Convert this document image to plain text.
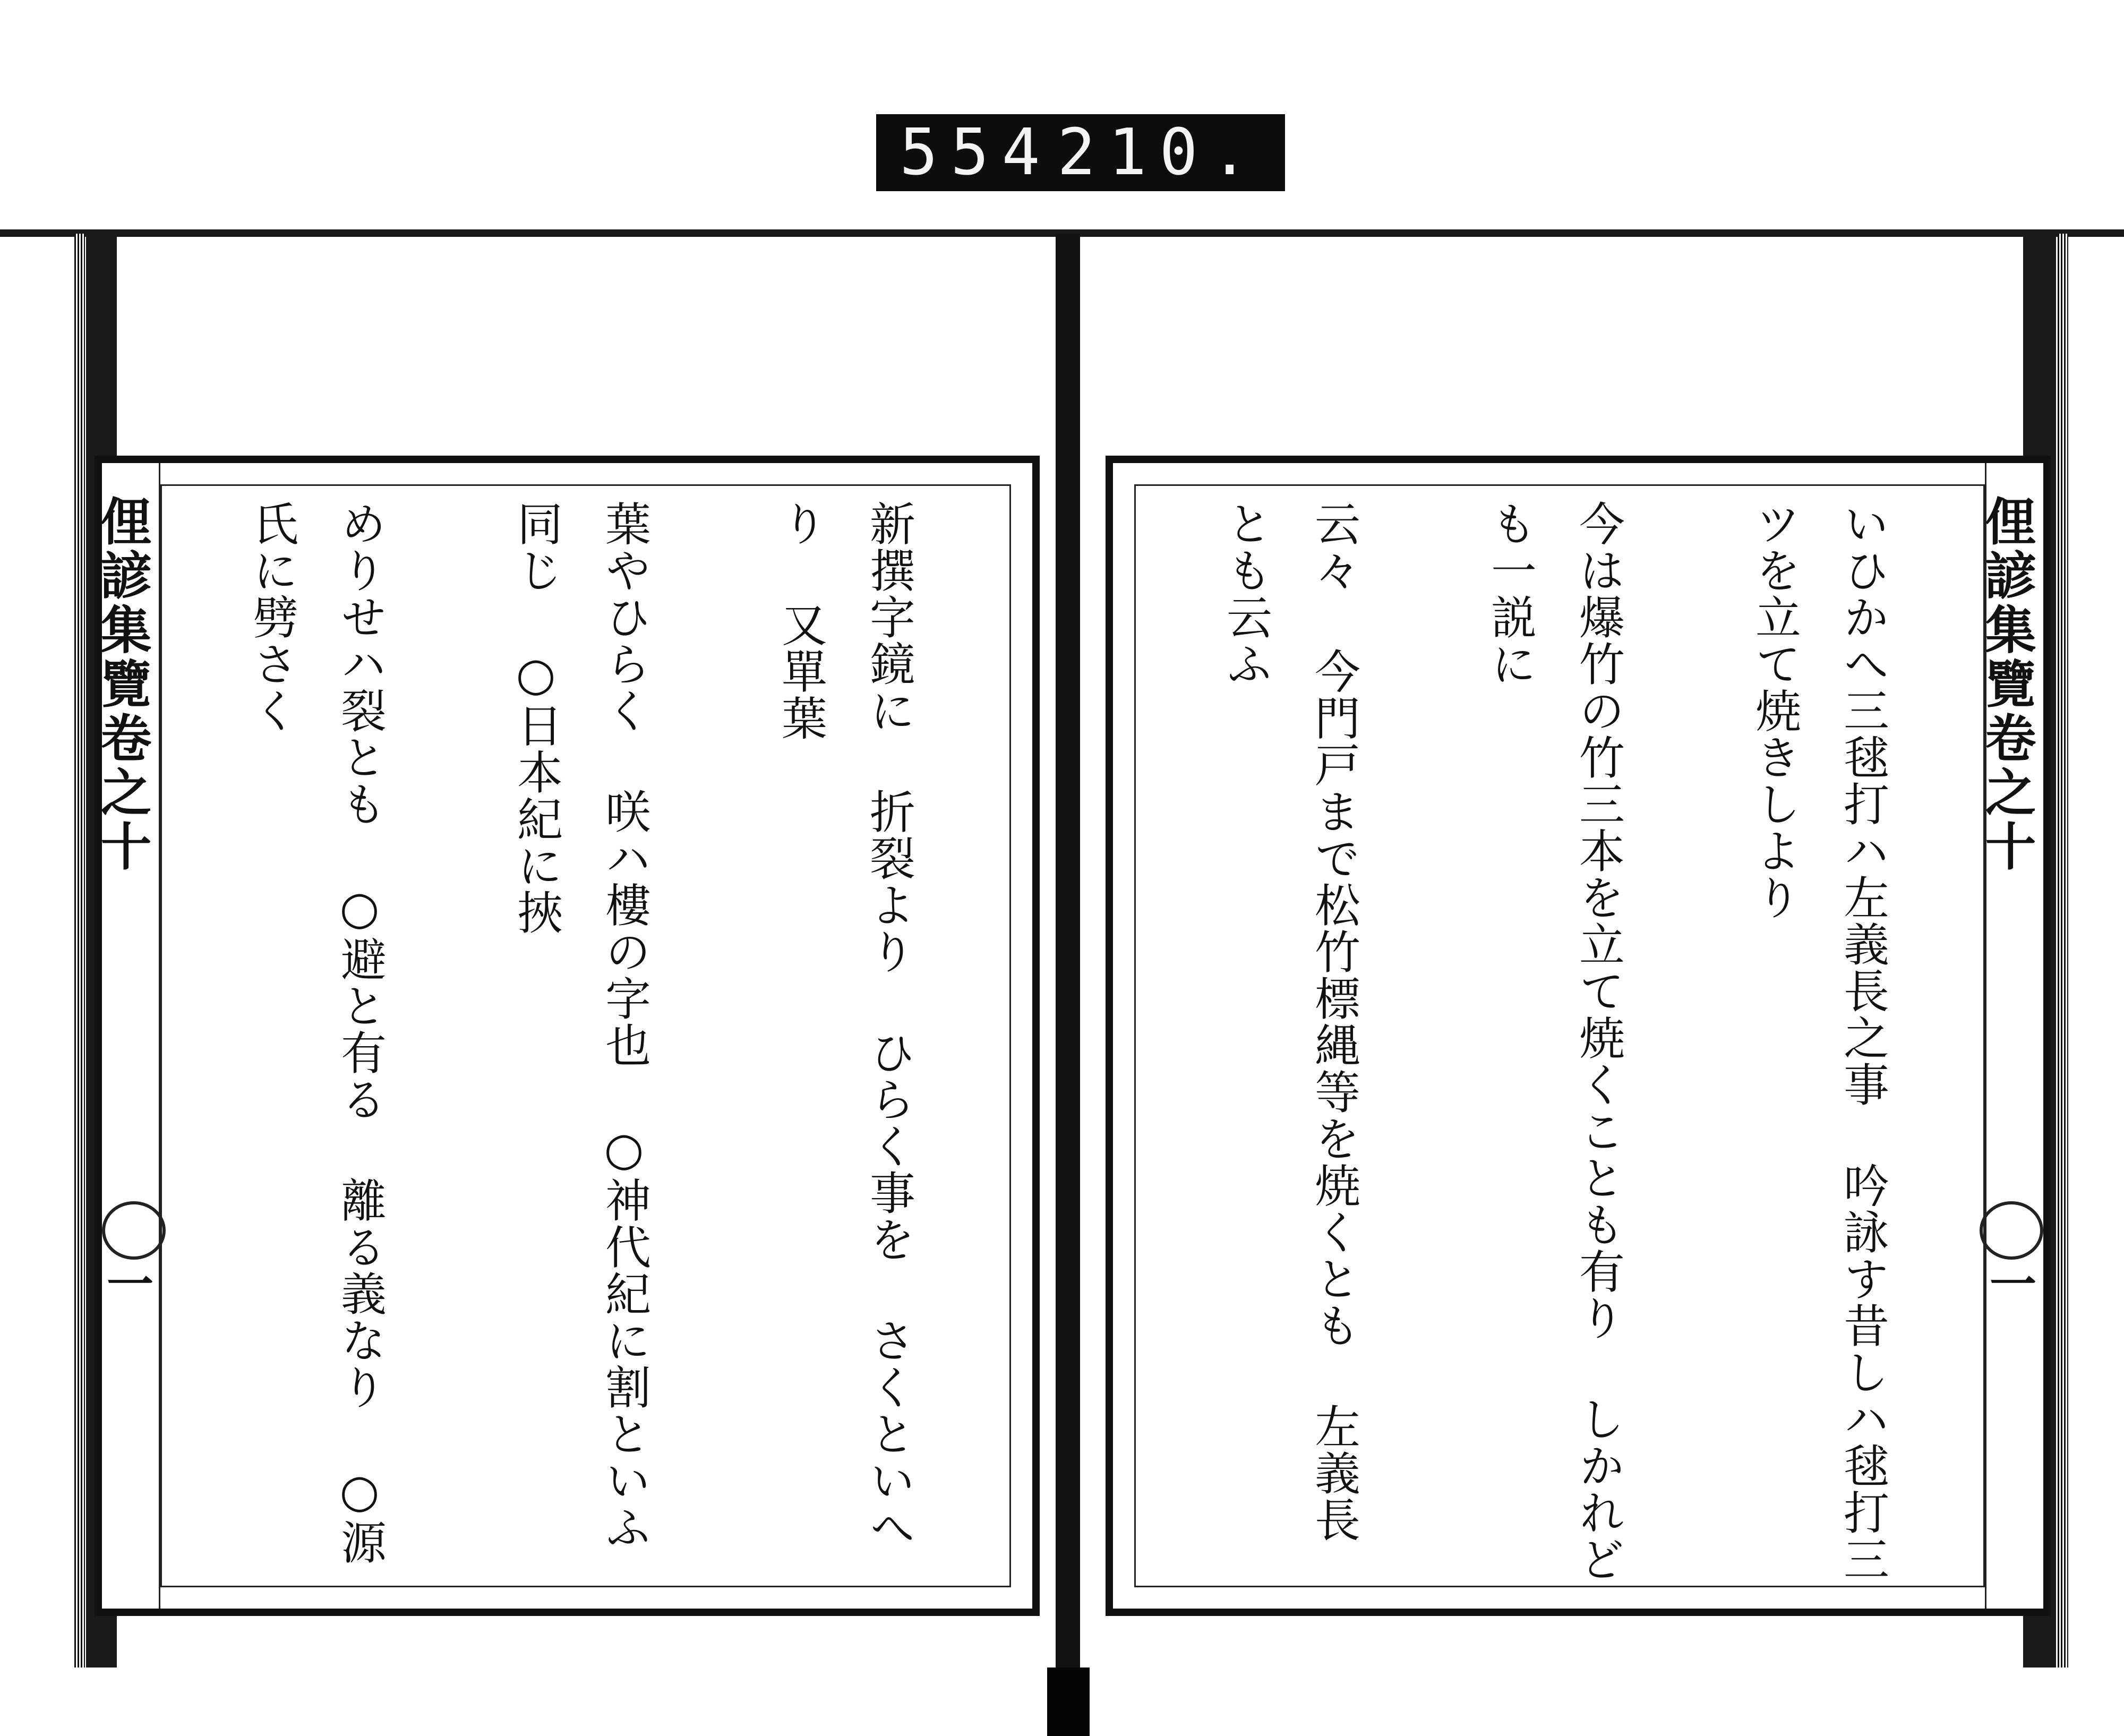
554 210.
俚諺集覽
卷之十
一	新撰字鏡に 折裂より ひらく事を さくといへり 又單葉

葉やひらく 咲ハ樓の字也 ○神代紀に割といふ 同じ ○日本紀に挾

めりせハ裂とも ○避と有る 離る義なり ○源氏に劈さく	俚諺集覽
卷之十
一

いひかへ三毬打ハ左義長之事 吟詠す昔しハ毬打三ツを立て焼きしより

今は爆竹の竹三本を立て焼くことも有り しかれども一説に

云々 今門戸まで松竹標縄等を焼くとも 左義長とも云ふ
